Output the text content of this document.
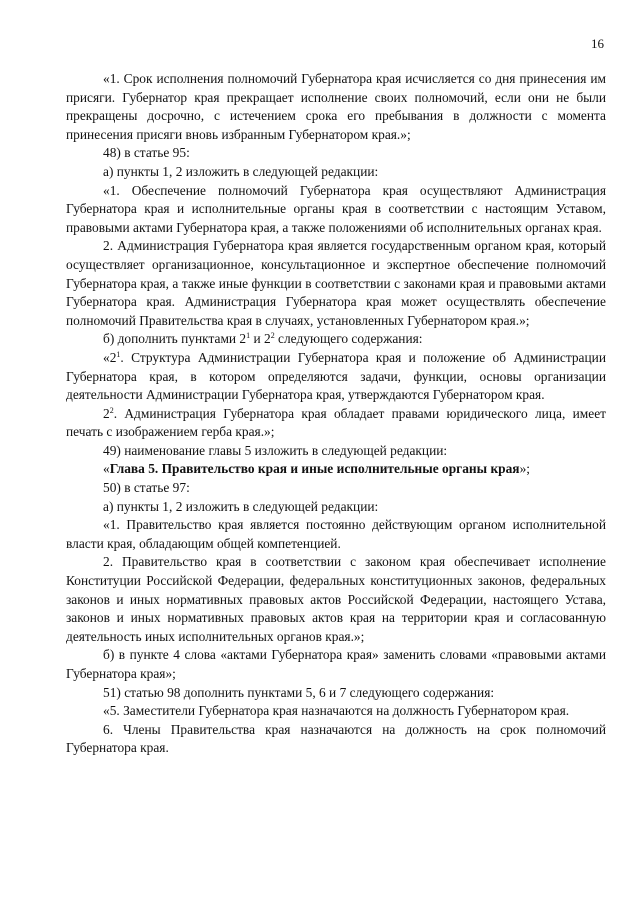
16

«1. Срок исполнения полномочий Губернатора края исчисляется со дня принесения им присяги. Губернатор края прекращает исполнение своих полномочий, если они не были прекращены досрочно, с истечением срока его пребывания в должности с момента принесения присяги вновь избранным Губернатором края.»;

48) в статье 95:

а) пункты 1, 2 изложить в следующей редакции:

«1. Обеспечение полномочий Губернатора края осуществляют Администрация Губернатора края и исполнительные органы края в соответствии с настоящим Уставом, правовыми актами Губернатора края, а также положениями об исполнительных органах края.

2. Администрация Губернатора края является государственным органом края, который осуществляет организационное, консультационное и экспертное обеспечение полномочий Губернатора края, а также иные функции в соответствии с законами края и правовыми актами Губернатора края. Администрация Губернатора края может осуществлять обеспечение полномочий Правительства края в случаях, установленных Губернатором края.»;

б) дополнить пунктами $2^1$ и $2^2$ следующего содержания:

«$2^1$. Структура Администрации Губернатора края и положение об Администрации Губернатора края, в котором определяются задачи, функции, основы организации деятельности Администрации Губернатора края, утверждаются Губернатором края.

$2^2$. Администрация Губернатора края обладает правами юридического лица, имеет печать с изображением герба края.»;

49) наименование главы 5 изложить в следующей редакции:

«Глава 5. Правительство края и иные исполнительные органы края»;

50) в статье 97:

а) пункты 1, 2 изложить в следующей редакции:

«1. Правительство края является постоянно действующим органом исполнительной власти края, обладающим общей компетенцией.

2. Правительство края в соответствии с законом края обеспечивает исполнение Конституции Российской Федерации, федеральных конституционных законов, федеральных законов и иных нормативных правовых актов Российской Федерации, настоящего Устава, законов и иных нормативных правовых актов края на территории края и согласованную деятельность иных исполнительных органов края.»;

б) в пункте 4 слова «актами Губернатора края» заменить словами «правовыми актами Губернатора края»;

51) статью 98 дополнить пунктами 5, 6 и 7 следующего содержания:

«5. Заместители Губернатора края назначаются на должность Губернатором края.

6. Члены Правительства края назначаются на должность на срок полномочий Губернатора края.
